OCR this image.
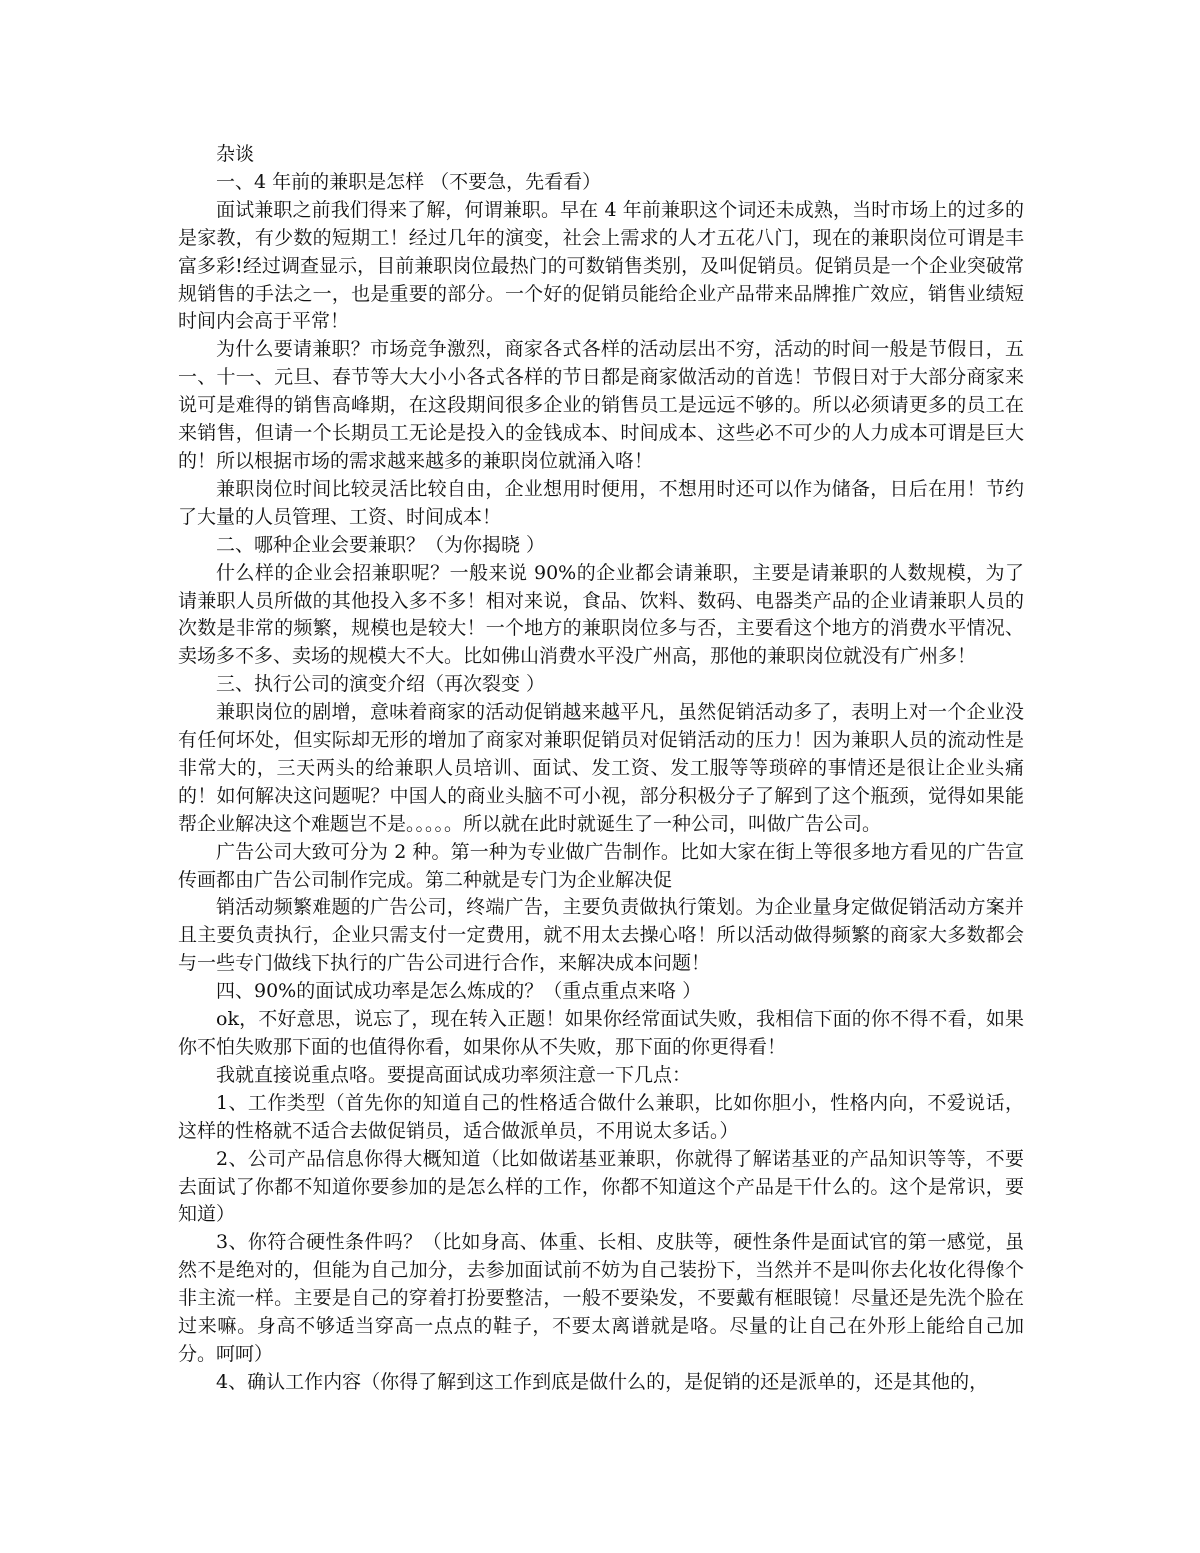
杂谈

一、4 年前的兼职是怎样 （不要急，先看看）

面试兼职之前我们得来了解，何谓兼职。早在 4 年前兼职这个词还未成熟，当时市场上的过多的是家教，有少数的短期工！经过几年的演变，社会上需求的人才五花八门，现在的兼职岗位可谓是丰富多彩!经过调查显示，目前兼职岗位最热门的可数销售类别，及叫促销员。促销员是一个企业突破常规销售的手法之一，也是重要的部分。一个好的促销员能给企业产品带来品牌推广效应，销售业绩短时间内会高于平常！

为什么要请兼职？市场竞争激烈，商家各式各样的活动层出不穷，活动的时间一般是节假日，五一、十一、元旦、春节等大大小小各式各样的节日都是商家做活动的首选！节假日对于大部分商家来说可是难得的销售高峰期，在这段期间很多企业的销售员工是远远不够的。所以必须请更多的员工在来销售，但请一个长期员工无论是投入的金钱成本、时间成本、这些必不可少的人力成本可谓是巨大的！所以根据市场的需求越来越多的兼职岗位就涌入咯！

兼职岗位时间比较灵活比较自由，企业想用时便用，不想用时还可以作为储备，日后在用！节约了大量的人员管理、工资、时间成本！

二、哪种企业会要兼职？（为你揭晓 ）

什么样的企业会招兼职呢？一般来说 90%的企业都会请兼职，主要是请兼职的人数规模，为了请兼职人员所做的其他投入多不多！相对来说，食品、饮料、数码、电器类产品的企业请兼职人员的次数是非常的频繁，规模也是较大！一个地方的兼职岗位多与否，主要看这个地方的消费水平情况、卖场多不多、卖场的规模大不大。比如佛山消费水平没广州高，那他的兼职岗位就没有广州多！

三、执行公司的演变介绍（再次裂变 ）

兼职岗位的剧增，意味着商家的活动促销越来越平凡，虽然促销活动多了，表明上对一个企业没有任何坏处，但实际却无形的增加了商家对兼职促销员对促销活动的压力！因为兼职人员的流动性是非常大的，三天两头的给兼职人员培训、面试、发工资、发工服等等琐碎的事情还是很让企业头痛的！如何解决这问题呢？中国人的商业头脑不可小视，部分积极分子了解到了这个瓶颈，觉得如果能帮企业解决这个难题岂不是。。。。。所以就在此时就诞生了一种公司，叫做广告公司。

广告公司大致可分为 2 种。第一种为专业做广告制作。比如大家在街上等很多地方看见的广告宣传画都由广告公司制作完成。第二种就是专门为企业解决促

销活动频繁难题的广告公司，终端广告，主要负责做执行策划。为企业量身定做促销活动方案并且主要负责执行，企业只需支付一定费用，就不用太去操心咯！所以活动做得频繁的商家大多数都会与一些专门做线下执行的广告公司进行合作，来解决成本问题！

四、90%的面试成功率是怎么炼成的？（重点重点来咯 ）

ok，不好意思，说忘了，现在转入正题！如果你经常面试失败，我相信下面的你不得不看，如果你不怕失败那下面的也值得你看，如果你从不失败，那下面的你更得看！

我就直接说重点咯。要提高面试成功率须注意一下几点：

1、工作类型（首先你的知道自己的性格适合做什么兼职，比如你胆小，性格内向，不爱说话，这样的性格就不适合去做促销员，适合做派单员，不用说太多话。）

2、公司产品信息你得大概知道（比如做诺基亚兼职，你就得了解诺基亚的产品知识等等，不要去面试了你都不知道你要参加的是怎么样的工作，你都不知道这个产品是干什么的。这个是常识，要知道）

3、你符合硬性条件吗？（比如身高、体重、长相、皮肤等，硬性条件是面试官的第一感觉，虽然不是绝对的，但能为自己加分，去参加面试前不妨为自己装扮下，当然并不是叫你去化妆化得像个非主流一样。主要是自己的穿着打扮要整洁，一般不要染发，不要戴有框眼镜！尽量还是先洗个脸在过来嘛。身高不够适当穿高一点点的鞋子，不要太离谱就是咯。尽量的让自己在外形上能给自己加分。呵呵）

4、确认工作内容（你得了解到这工作到底是做什么的，是促销的还是派单的，还是其他的，
